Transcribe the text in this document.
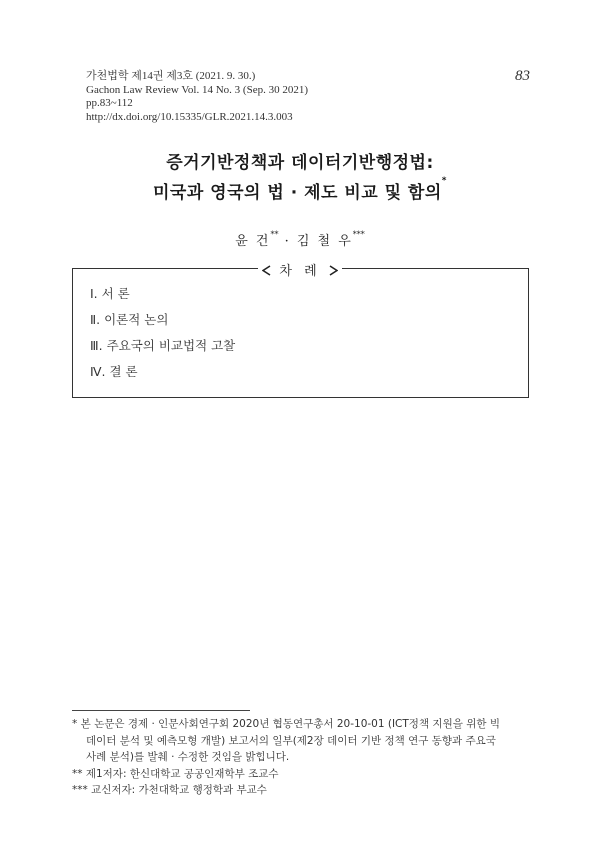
가천법학 제14권 제3호 (2021. 9. 30.)
Gachon Law Review Vol. 14 No. 3 (Sep. 30 2021)
pp.83~112
http://dx.doi.org/10.15335/GLR.2021.14.3.003
83
증거기반정책과 데이터기반행정법:
미국과 영국의 법 · 제도 비교 및 함의*
윤 건** · 김 철 우***
차 례
Ⅰ. 서 론
Ⅱ. 이론적 논의
Ⅲ. 주요국의 비교법적 고찰
Ⅳ. 결 론
* 본 논문은 경제 · 인문사회연구회 2020년 협동연구총서 20-10-01 (ICT정책 지원을 위한 빅
데이터 분석 및 예측모형 개발) 보고서의 일부(제2장 데이터 기반 정책 연구 동향과 주요국
사례 분석)를 발췌 · 수정한 것임을 밝힙니다.
** 제1저자: 한신대학교 공공인재학부 조교수
*** 교신저자: 가천대학교 행정학과 부교수
